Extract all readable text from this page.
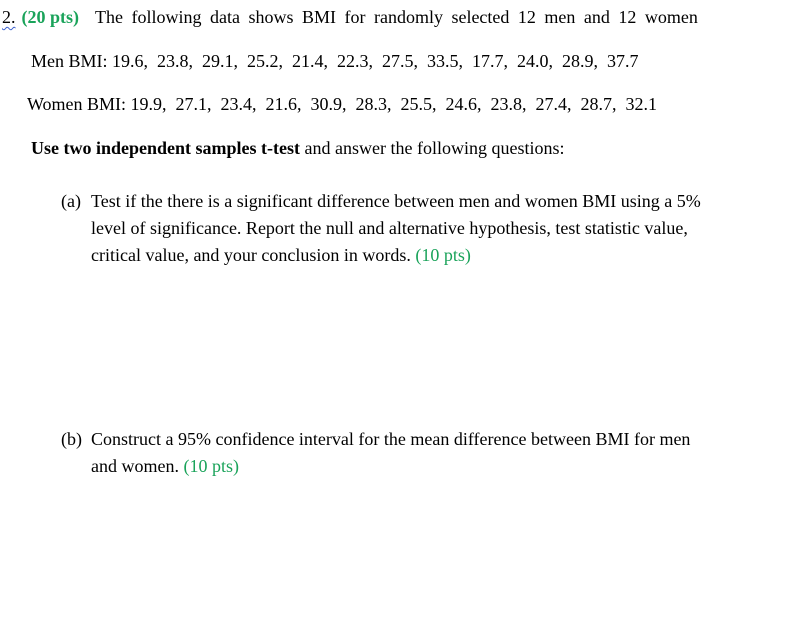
2. (20 pts) The following data shows BMI for randomly selected 12 men and 12 women
Men BMI: 19.6,  23.8,  29.1,  25.2,  21.4,  22.3,  27.5,  33.5,  17.7,  24.0,  28.9,  37.7
Women BMI: 19.9,  27.1,  23.4,  21.6,  30.9,  28.3,  25.5,  24.6,  23.8,  27.4,  28.7,  32.1
Use two independent samples t-test and answer the following questions:
(a) Test if the there is a significant difference between men and women BMI using a 5%
level of significance. Report the null and alternative hypothesis, test statistic value,
critical value, and your conclusion in words. (10 pts)
(b) Construct a 95% confidence interval for the mean difference between BMI for men
and women. (10 pts)
